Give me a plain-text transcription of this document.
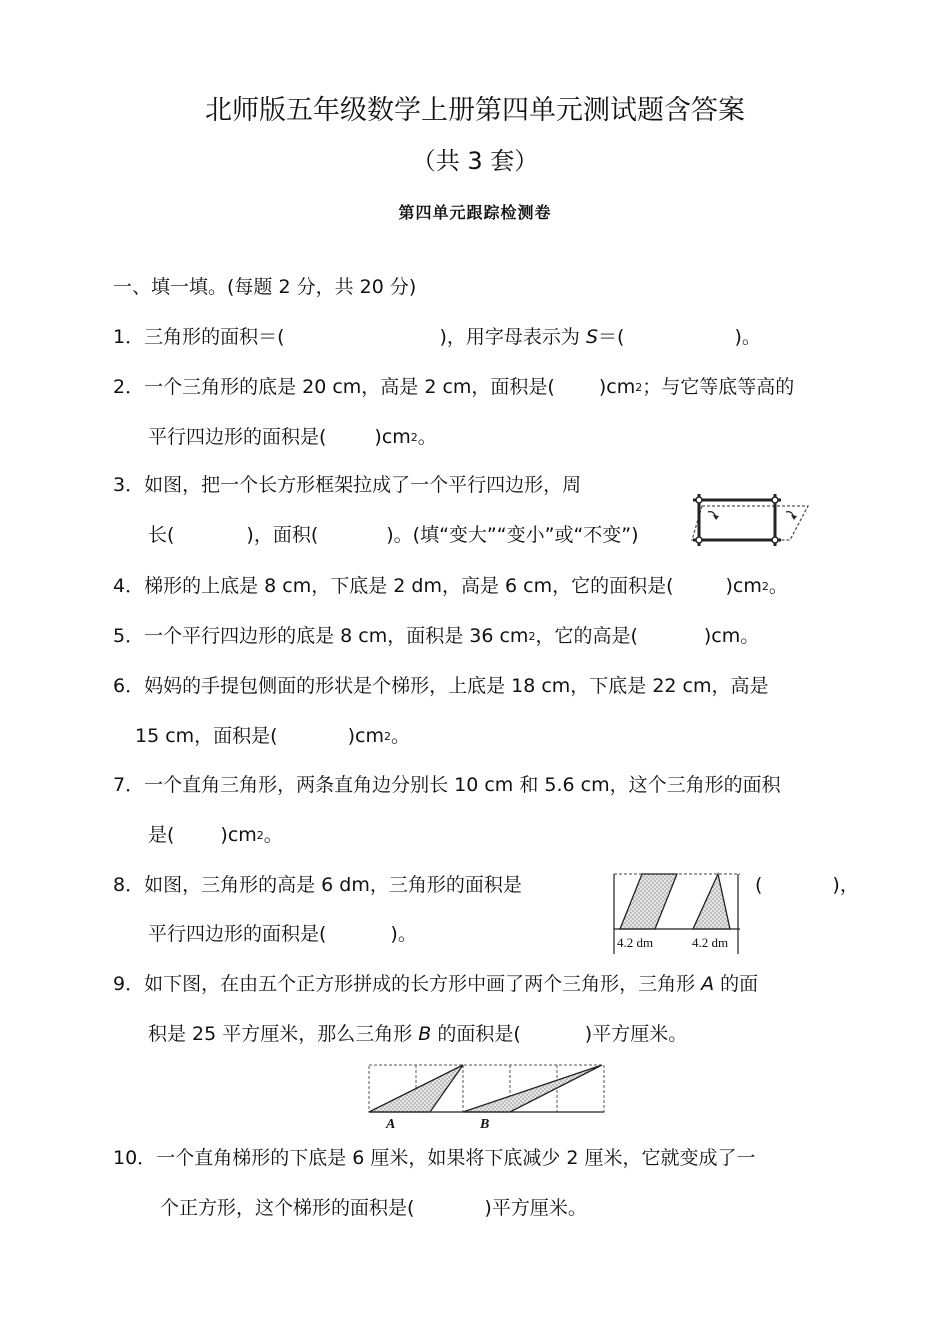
北师版五年级数学上册第四单元测试题含答案
（共 3 套）
第四单元跟踪检测卷
一、填一填。(每题 2 分，共 20 分)
1．三角形的面积＝(	)，用字母表示为 S＝(	)。
2．一个三角形的底是 20 cm，高是 2 cm，面积是( )$cm^2$；与它等底等高的
平行四边形的面积是(	)$cm^2$。
3．如图，把一个长方形框架拉成了一个平行四边形，周
长(	)，面积(	)。(填“变大”“变小”或“不变”)
4．梯形的上底是 8 cm，下底是 2 dm，高是 6 cm，它的面积是(	)$cm^2$。
5．一个平行四边形的底是 8 cm，面积是 36 $cm^2$，它的高是(	)cm。
6．妈妈的手提包侧面的形状是个梯形，上底是 18 cm，下底是 22 cm，高是
15 cm，面积是(	)$cm^2$。
7．一个直角三角形，两条直角边分别长 10 cm 和 5.6 cm，这个三角形的面积
是( )$cm^2$。
8．如图，三角形的高是 6 dm，三角形的面积是	(	)，
平行四边形的面积是(	)。	4.2 dm	4.2 dm
9．如下图，在由五个正方形拼成的长方形中画了两个三角形，三角形 A 的面
积是 25 平方厘米，那么三角形 B 的面积是(	)平方厘米。
A	B
10．一个直角梯形的下底是 6 厘米，如果将下底减少 2 厘米，它就变成了一
个正方形，这个梯形的面积是(	)平方厘米。
